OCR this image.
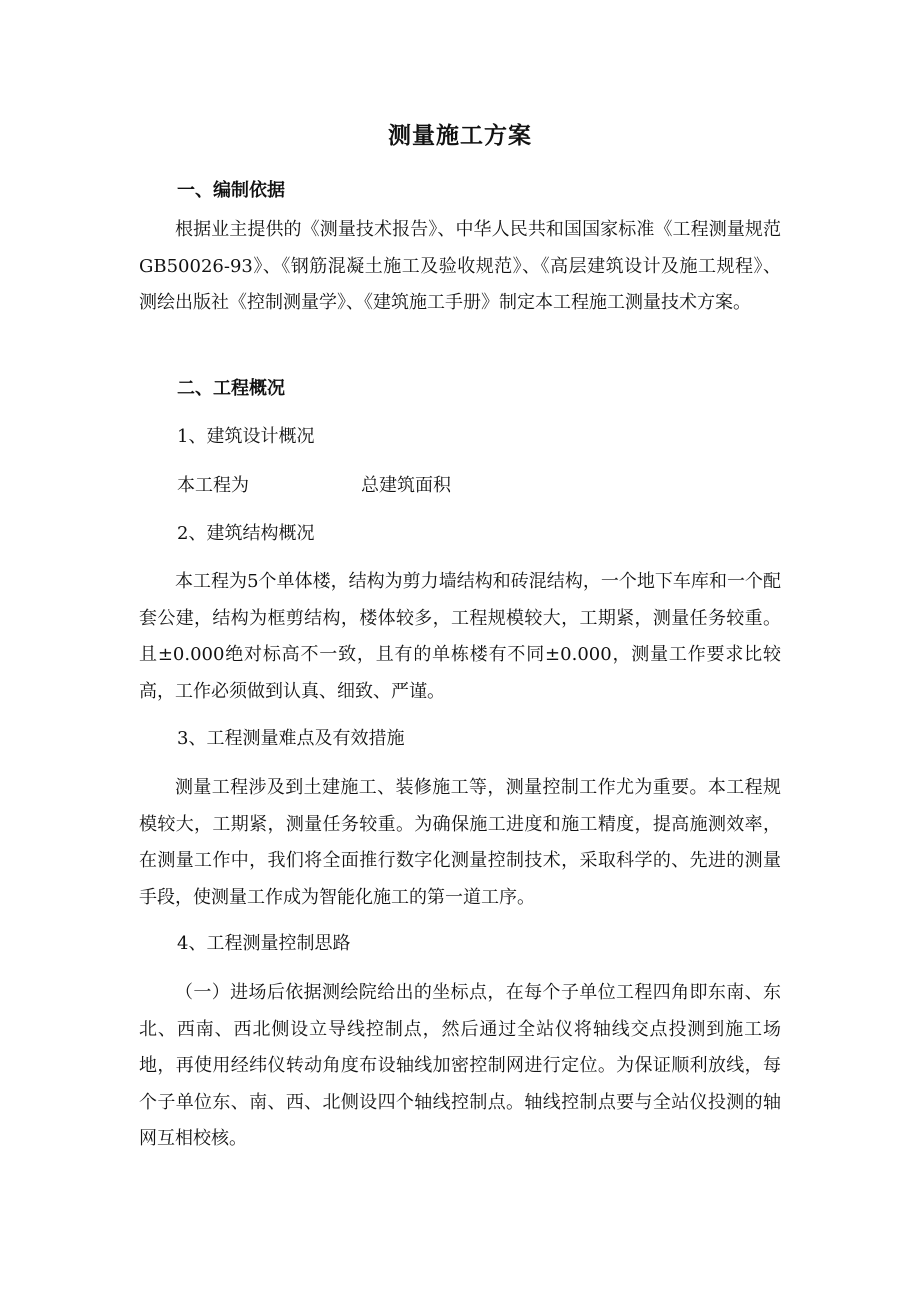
测量施工方案
一、编制依据
根据业主提供的《测量技术报告》、中华人民共和国国家标准《工程测量规范GB50026-93》、《钢筋混凝土施工及验收规范》、《高层建筑设计及施工规程》、测绘出版社《控制测量学》、《建筑施工手册》制定本工程施工测量技术方案。
二、工程概况
1、建筑设计概况
本工程为	总建筑面积
2、建筑结构概况
本工程为5个单体楼，结构为剪力墙结构和砖混结构，一个地下车库和一个配套公建，结构为框剪结构，楼体较多，工程规模较大，工期紧，测量任务较重。且±0.000绝对标高不一致，且有的单栋楼有不同±0.000，测量工作要求比较高，工作必须做到认真、细致、严谨。
3、工程测量难点及有效措施
测量工程涉及到土建施工、装修施工等，测量控制工作尤为重要。本工程规模较大，工期紧，测量任务较重。为确保施工进度和施工精度，提高施测效率，在测量工作中，我们将全面推行数字化测量控制技术，采取科学的、先进的测量手段，使测量工作成为智能化施工的第一道工序。
4、工程测量控制思路
（一）进场后依据测绘院给出的坐标点，在每个子单位工程四角即东南、东北、西南、西北侧设立导线控制点，然后通过全站仪将轴线交点投测到施工场地，再使用经纬仪转动角度布设轴线加密控制网进行定位。为保证顺利放线，每个子单位东、南、西、北侧设四个轴线控制点。轴线控制点要与全站仪投测的轴网互相校核。
